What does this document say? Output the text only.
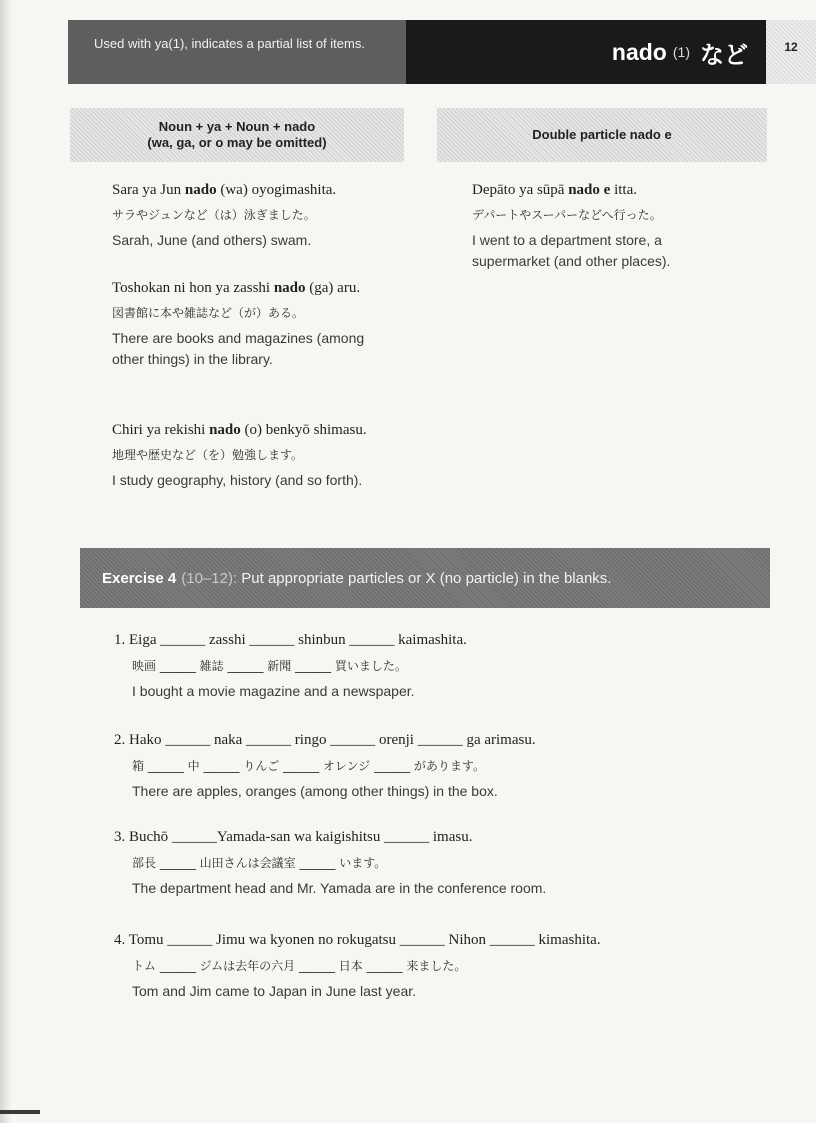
Used with ya(1), indicates a partial list of items.	nado (1) など	12
Noun + ya + Noun + nado
(wa, ga, or o may be omitted)
Double particle nado e
Sara ya Jun nado (wa) oyogimashita.
サラやジュンなど（は）泳ぎました。
Sarah, June (and others) swam.
Toshokan ni hon ya zasshi nado (ga) aru.
図書館に本や雑誌など（が）ある。
There are books and magazines (among other things) in the library.
Chiri ya rekishi nado (o) benkyō shimasu.
地理や歴史など（を）勉強します。
I study geography, history (and so forth).
Depāto ya sūpā nado e itta.
デパートやスーパーなどへ行った。
I went to a department store, a supermarket (and other places).
Exercise 4 (10–12):
Put appropriate particles or X (no particle) in the blanks.
1. Eiga ______ zasshi ______ shinbun ______ kaimashita.
映画 ______ 雑誌 ______ 新聞 ______ 買いました。
I bought a movie magazine and a newspaper.
2. Hako ______ naka ______ ringo ______ orenji ______ ga arimasu.
箱 ______ 中 ______ りんご ______ オレンジ ______ があります。
There are apples, oranges (among other things) in the box.
3. Buchō ______Yamada-san wa kaigishitsu ______ imasu.
部長 ______ 山田さんは会議室 ______ います。
The department head and Mr. Yamada are in the conference room.
4. Tomu ______ Jimu wa kyonen no rokugatsu ______ Nihon ______ kimashita.
トム ______ ジムは去年の六月 ______ 日本 ______ 来ました。
Tom and Jim came to Japan in June last year.
